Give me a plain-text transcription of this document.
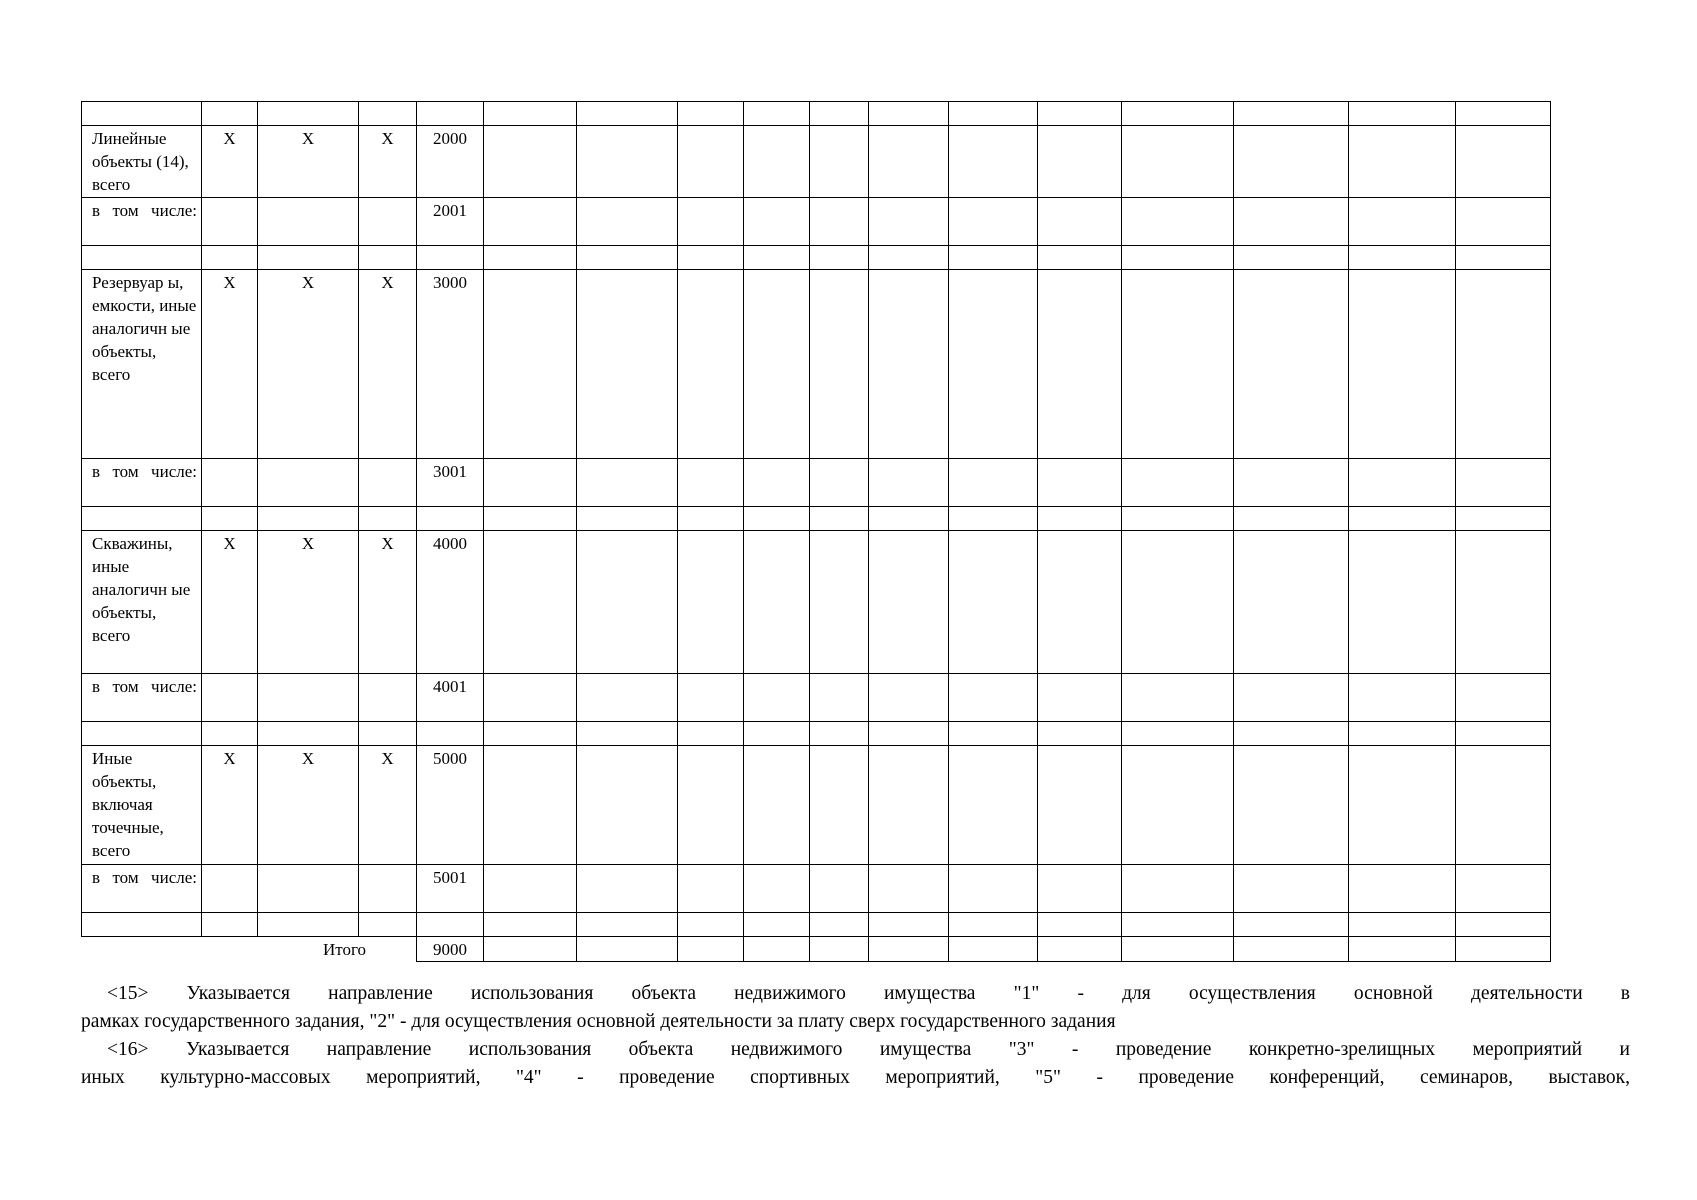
Линейные объекты (14), всего	X	X	X	2000												
в том числе:				2001												

Резервуар ы, емкости, иные аналогичн ые объекты, всего	X	X	X	3000												
в том числе:				3001												

Скважины, иные аналогичн ые объекты, всего	X	X	X	4000												
в том числе:				4001												

Иные объекты, включая точечные, всего	X	X	X	5000												
в том числе:				5001												

Итого				9000												

<15> Указывается направление использования объекта недвижимого имущества "1" - для осуществления основной деятельности в

рамках государственного задания, "2" - для осуществления основной деятельности за плату сверх государственного задания

<16> Указывается направление использования объекта недвижимого имущества "3" - проведение конкретно-зрелищных мероприятий и

иных культурно-массовых мероприятий, "4" - проведение спортивных мероприятий, "5" - проведение конференций, семинаров, выставок,
